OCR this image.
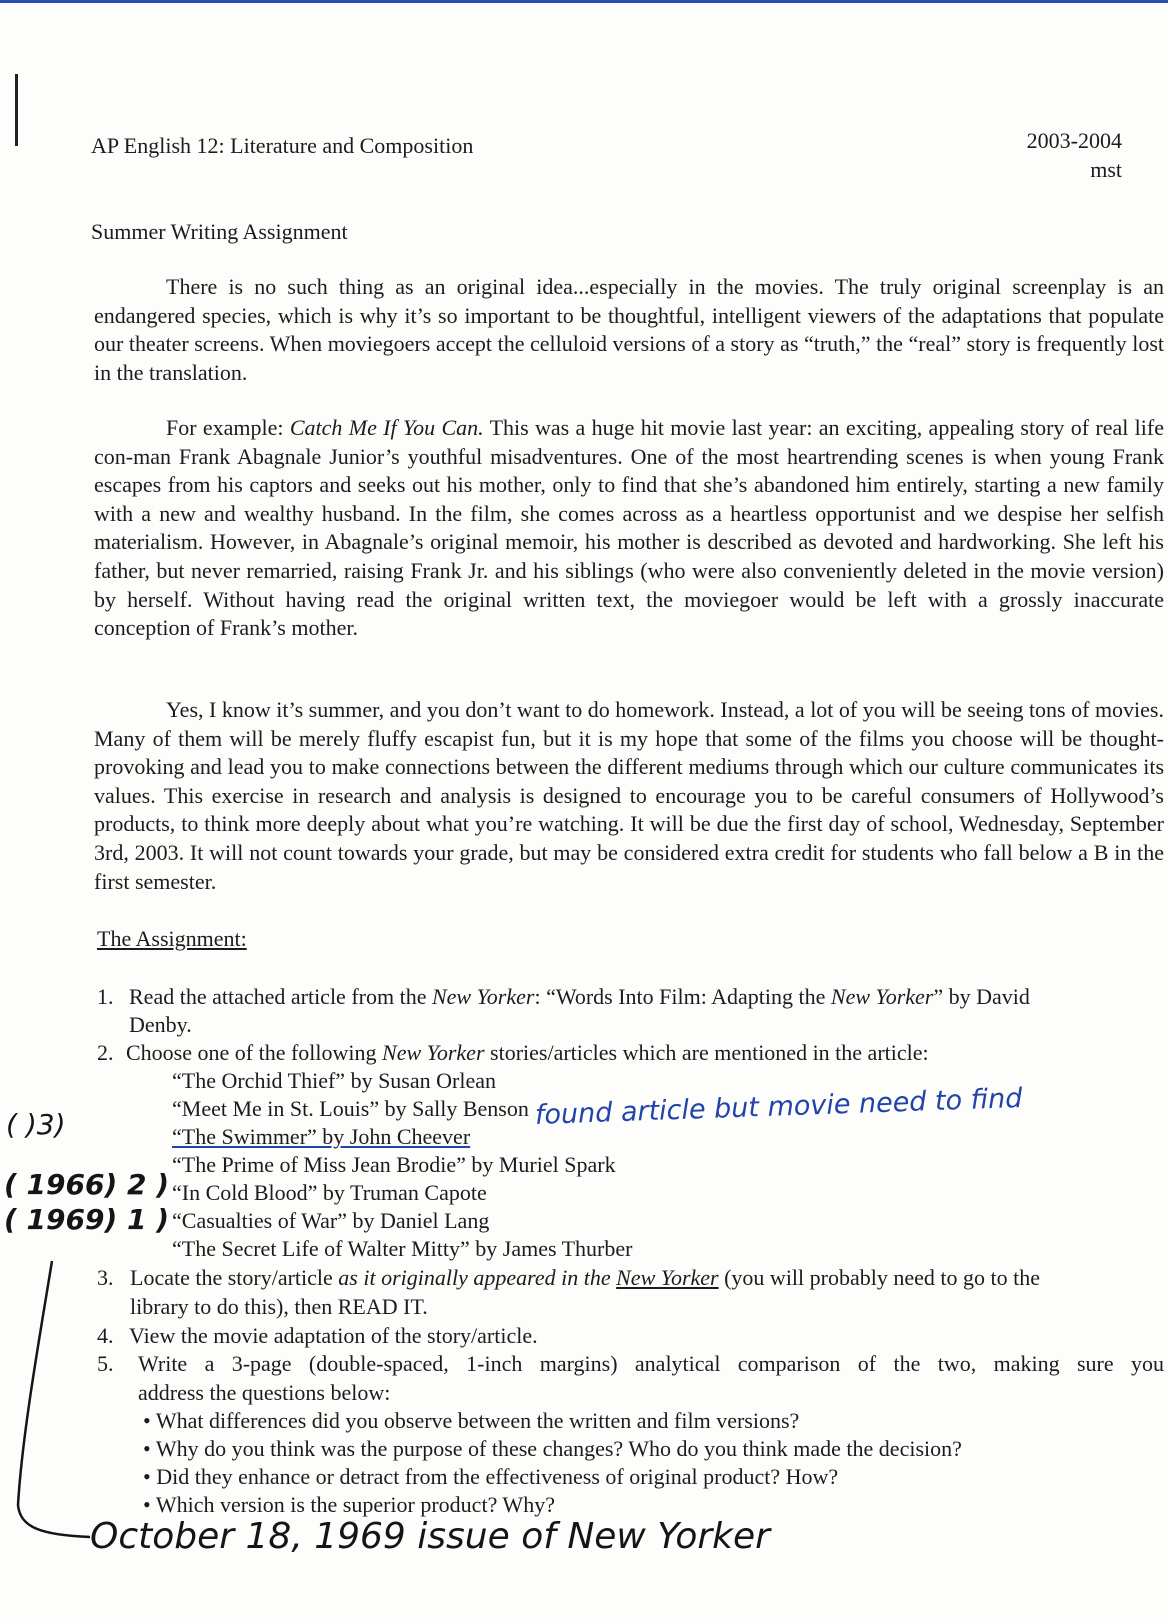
AP English 12: Literature and Composition	2003-2004
mst
Summer Writing Assignment
There is no such thing as an original idea...especially in the movies. The truly original screenplay is an endangered species, which is why it’s so important to be thoughtful, intelligent viewers of the adaptations that populate our theater screens. When moviegoers accept the celluloid versions of a story as “truth,” the “real” story is frequently lost in the translation.
For example: Catch Me If You Can. This was a huge hit movie last year: an exciting, appealing story of real life con-man Frank Abagnale Junior’s youthful misadventures. One of the most heartrending scenes is when young Frank escapes from his captors and seeks out his mother, only to find that she’s abandoned him entirely, starting a new family with a new and wealthy husband. In the film, she comes across as a heartless opportunist and we despise her selfish materialism. However, in Abagnale’s original memoir, his mother is described as devoted and hardworking. She left his father, but never remarried, raising Frank Jr. and his siblings (who were also conveniently deleted in the movie version) by herself. Without having read the original written text, the moviegoer would be left with a grossly inaccurate conception of Frank’s mother.
Yes, I know it’s summer, and you don’t want to do homework. Instead, a lot of you will be seeing tons of movies. Many of them will be merely fluffy escapist fun, but it is my hope that some of the films you choose will be thought-provoking and lead you to make connections between the different mediums through which our culture communicates its values. This exercise in research and analysis is designed to encourage you to be careful consumers of Hollywood’s products, to think more deeply about what you’re watching. It will be due the first day of school, Wednesday, September 3rd, 2003. It will not count towards your grade, but may be considered extra credit for students who fall below a B in the first semester.
The Assignment:
1. Read the attached article from the New Yorker: “Words Into Film: Adapting the New Yorker” by David
Denby.
2. Choose one of the following New Yorker stories/articles which are mentioned in the article:
“The Orchid Thief” by Susan Orlean
“Meet Me in St. Louis” by Sally Benson
“The Swimmer” by John Cheever
“The Prime of Miss Jean Brodie” by Muriel Spark
“In Cold Blood” by Truman Capote
“Casualties of War” by Daniel Lang
“The Secret Life of Walter Mitty” by James Thurber
3. Locate the story/article as it originally appeared in the New Yorker (you will probably need to go to the
library to do this), then READ IT.
4. View the movie adaptation of the story/article.
5. Write a 3-page (double-spaced, 1-inch margins) analytical comparison of the two, making sure you
address the questions below:
• What differences did you observe between the written and film versions?
• Why do you think was the purpose of these changes? Who do you think made the decision?
• Did they enhance or detract from the effectiveness of original product? How?
• Which version is the superior product? Why?
( )3)	found article but movie need to find
( 1966) 2 )
( 1969) 1 )
October 18, 1969 issue of New Yorker
